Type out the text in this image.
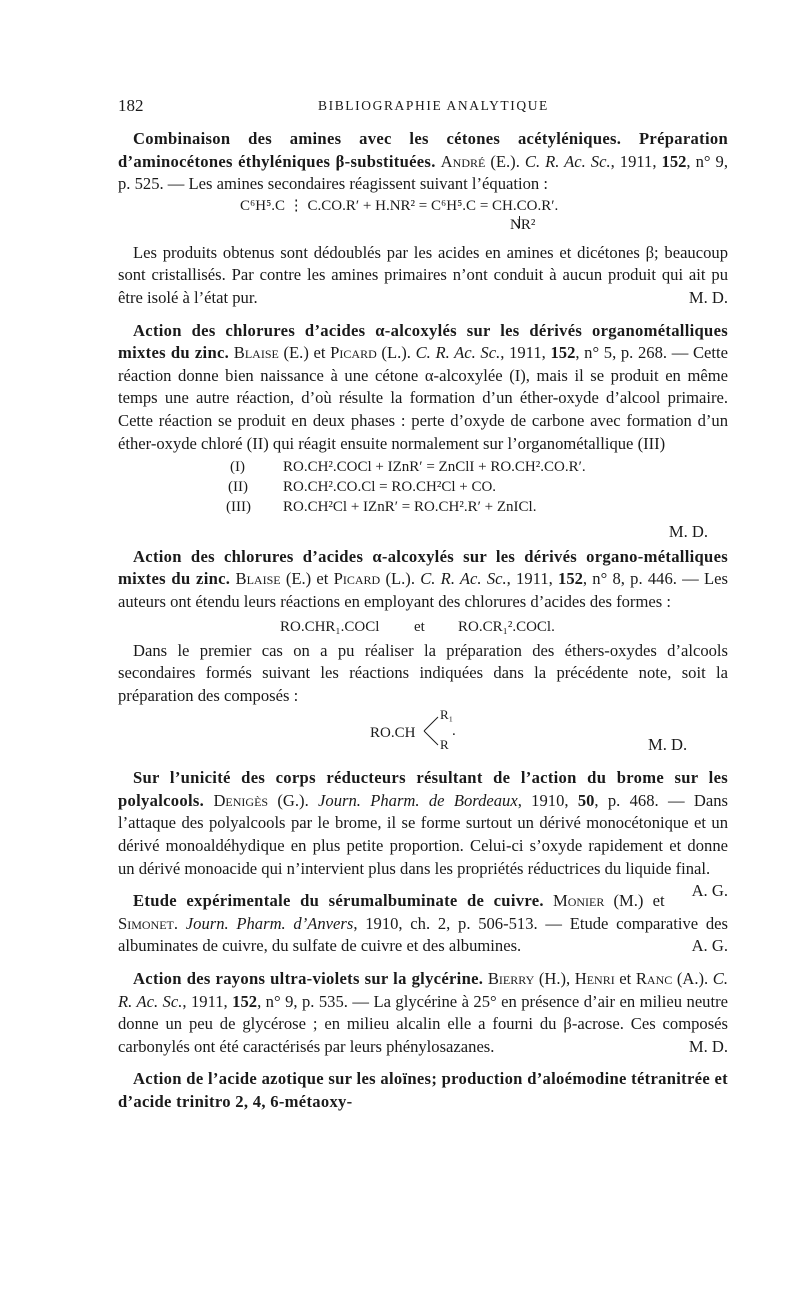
182	BIBLIOGRAPHIE ANALYTIQUE

Combinaison des amines avec les cétones acétyléniques. Préparation d’aminocétones éthyléniques β-substituées. André (E.). C. R. Ac. Sc., 1911, 152, n° 9, p. 525. — Les amines secondaires réagissent suivant l’équation :

C⁶H⁵.C ⋮ C.CO.R′ + H.NR² = C⁶H⁵.C = CH.CO.R′.
NR²

Les produits obtenus sont dédoublés par les acides en amines et dicétones β; beaucoup sont cristallisés. Par contre les amines primaires n’ont conduit à aucun produit qui ait pu être isolé à l’état pur.	M. D.

Action des chlorures d’acides α-alcoxylés sur les dérivés organométalliques mixtes du zinc. Blaise (E.) et Picard (L.). C. R. Ac. Sc., 1911, 152, n° 5, p. 268. — Cette réaction donne bien naissance à une cétone α-alcoxylée (I), mais il se produit en même temps une autre réaction, d’où résulte la formation d’un éther-oxyde d’alcool primaire. Cette réaction se produit en deux phases : perte d’oxyde de carbone avec formation d’un éther-oxyde chloré (II) qui réagit ensuite normalement sur l’organométallique (III)

(I)	RO.CH².COCl + IZnR′ = ZnClI + RO.CH².CO.R′.
(II) RO.CH².CO.Cl = RO.CH²Cl + CO.
(III) RO.CH²Cl + IZnR′ = RO.CH².R′ + ZnICl.

M. D.

Action des chlorures d’acides α-alcoxylés sur les dérivés organo-métalliques mixtes du zinc. Blaise (E.) et Picard (L.). C. R. Ac. Sc., 1911, 152, n° 8, p. 446. — Les auteurs ont étendu leurs réactions en employant des chlorures d’acides des formes :

RO.CHR₁.COCl et RO.CR₁².COCl.

Dans le premier cas on a pu réaliser la préparation des éthers-oxydes d’alcools secondaires formés suivant les réactions indiquées dans la précédente note, soit la préparation des composés :

RO.CH
R₁
R
.
M. D.

Sur l’unicité des corps réducteurs résultant de l’action du brome sur les polyalcools. Denigès (G.). Journ. Pharm. de Bordeaux, 1910, 50, p. 468. — Dans l’attaque des polyalcools par le brome, il se forme surtout un dérivé monocétonique et un dérivé monoaldéhydique en plus petite proportion. Celui-ci s’oxyde rapidement et donne un dérivé monoacide qui n’intervient plus dans les propriétés réductrices du liquide final.
A. G.

Etude expérimentale du sérumalbuminate de cuivre. Monier (M.) et Simonet. Journ. Pharm. d’Anvers, 1910, ch. 2, p. 506-513. — Etude comparative des albuminates de cuivre, du sulfate de cuivre et des albumines.	A. G.

Action des rayons ultra-violets sur la glycérine. Bierry (H.), Henri et Ranc (A.). C. R. Ac. Sc., 1911, 152, n° 9, p. 535. — La glycérine à 25° en présence d’air en milieu neutre donne un peu de glycérose ; en milieu alcalin elle a fourni du β-acrose. Ces composés carbonylés ont été caractérisés par leurs phénylosazanes.	M. D.

Action de l’acide azotique sur les aloïnes; production d’aloémodine tétranitrée et d’acide trinitro 2, 4, 6-métaoxy-
